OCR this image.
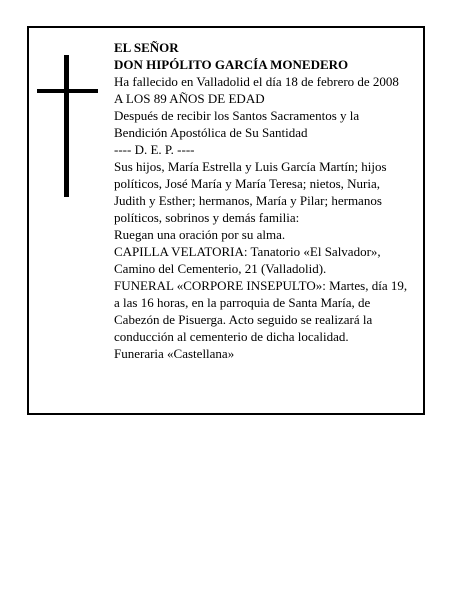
EL SEÑOR
DON HIPÓLITO GARCÍA MONEDERO
Ha fallecido en Valladolid el día 18 de febrero de 2008
A LOS 89 AÑOS DE EDAD
Después de recibir los Santos Sacramentos y la
Bendición Apostólica de Su Santidad
---- D. E. P. ----
Sus hijos, María Estrella y Luis García Martín; hijos
políticos, José María y María Teresa; nietos, Nuria,
Judith y Esther; hermanos, María y Pilar; hermanos
políticos, sobrinos y demás familia:
Ruegan una oración por su alma.
CAPILLA VELATORIA: Tanatorio «El Salvador»,
Camino del Cementerio, 21 (Valladolid).
FUNERAL «CORPORE INSEPULTO»: Martes, día 19,
a las 16 horas, en la parroquia de Santa María, de
Cabezón de Pisuerga. Acto seguido se realizará la
conducción al cementerio de dicha localidad.
Funeraria «Castellana»
